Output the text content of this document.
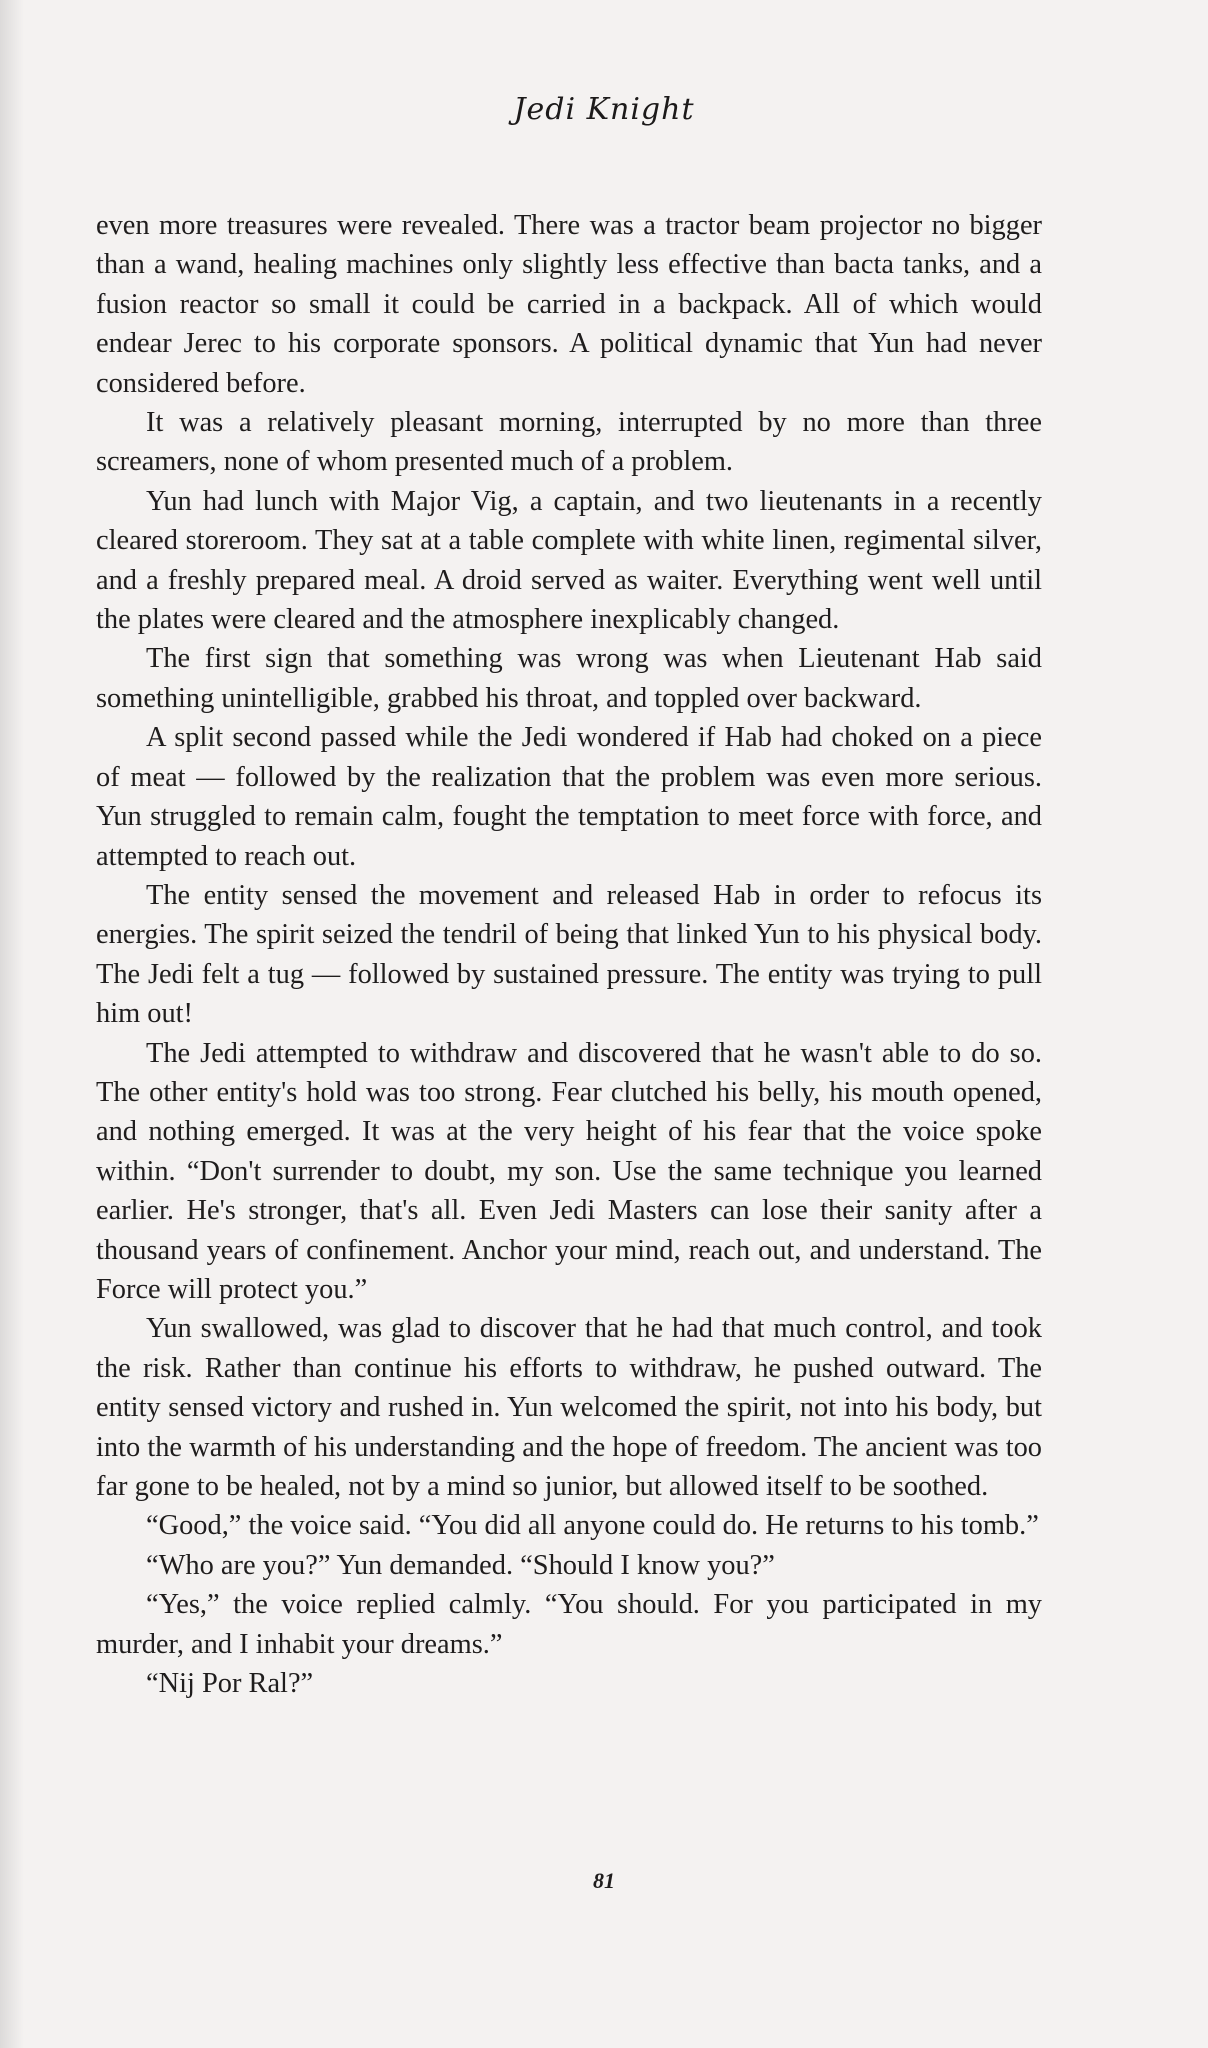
Jedi Knight

even more treasures were revealed. There was a tractor beam projector no bigger than a wand, healing machines only slightly less effective than bacta tanks, and a fusion reactor so small it could be carried in a backpack. All of which would endear Jerec to his corporate sponsors. A political dynamic that Yun had never considered before.

It was a relatively pleasant morning, interrupted by no more than three screamers, none of whom presented much of a problem.

Yun had lunch with Major Vig, a captain, and two lieutenants in a recently cleared storeroom. They sat at a table complete with white linen, regimental silver, and a freshly prepared meal. A droid served as waiter. Everything went well until the plates were cleared and the atmosphere inexplicably changed.

The first sign that something was wrong was when Lieutenant Hab said something unintelligible, grabbed his throat, and toppled over backward.

A split second passed while the Jedi wondered if Hab had choked on a piece of meat — followed by the realization that the problem was even more serious. Yun struggled to remain calm, fought the temptation to meet force with force, and attempted to reach out.

The entity sensed the movement and released Hab in order to refocus its energies. The spirit seized the tendril of being that linked Yun to his physical body. The Jedi felt a tug — followed by sustained pressure. The entity was trying to pull him out!

The Jedi attempted to withdraw and discovered that he wasn't able to do so. The other entity's hold was too strong. Fear clutched his belly, his mouth opened, and nothing emerged. It was at the very height of his fear that the voice spoke within. “Don't surrender to doubt, my son. Use the same technique you learned earlier. He's stronger, that's all. Even Jedi Masters can lose their sanity after a thousand years of confinement. Anchor your mind, reach out, and understand. The Force will protect you.”

Yun swallowed, was glad to discover that he had that much control, and took the risk. Rather than continue his efforts to withdraw, he pushed outward. The entity sensed victory and rushed in. Yun welcomed the spirit, not into his body, but into the warmth of his understanding and the hope of freedom. The ancient was too far gone to be healed, not by a mind so junior, but allowed itself to be soothed.

“Good,” the voice said. “You did all anyone could do. He returns to his tomb.”

“Who are you?” Yun demanded. “Should I know you?”

“Yes,” the voice replied calmly. “You should. For you participated in my murder, and I inhabit your dreams.”

“Nij Por Ral?”

81
